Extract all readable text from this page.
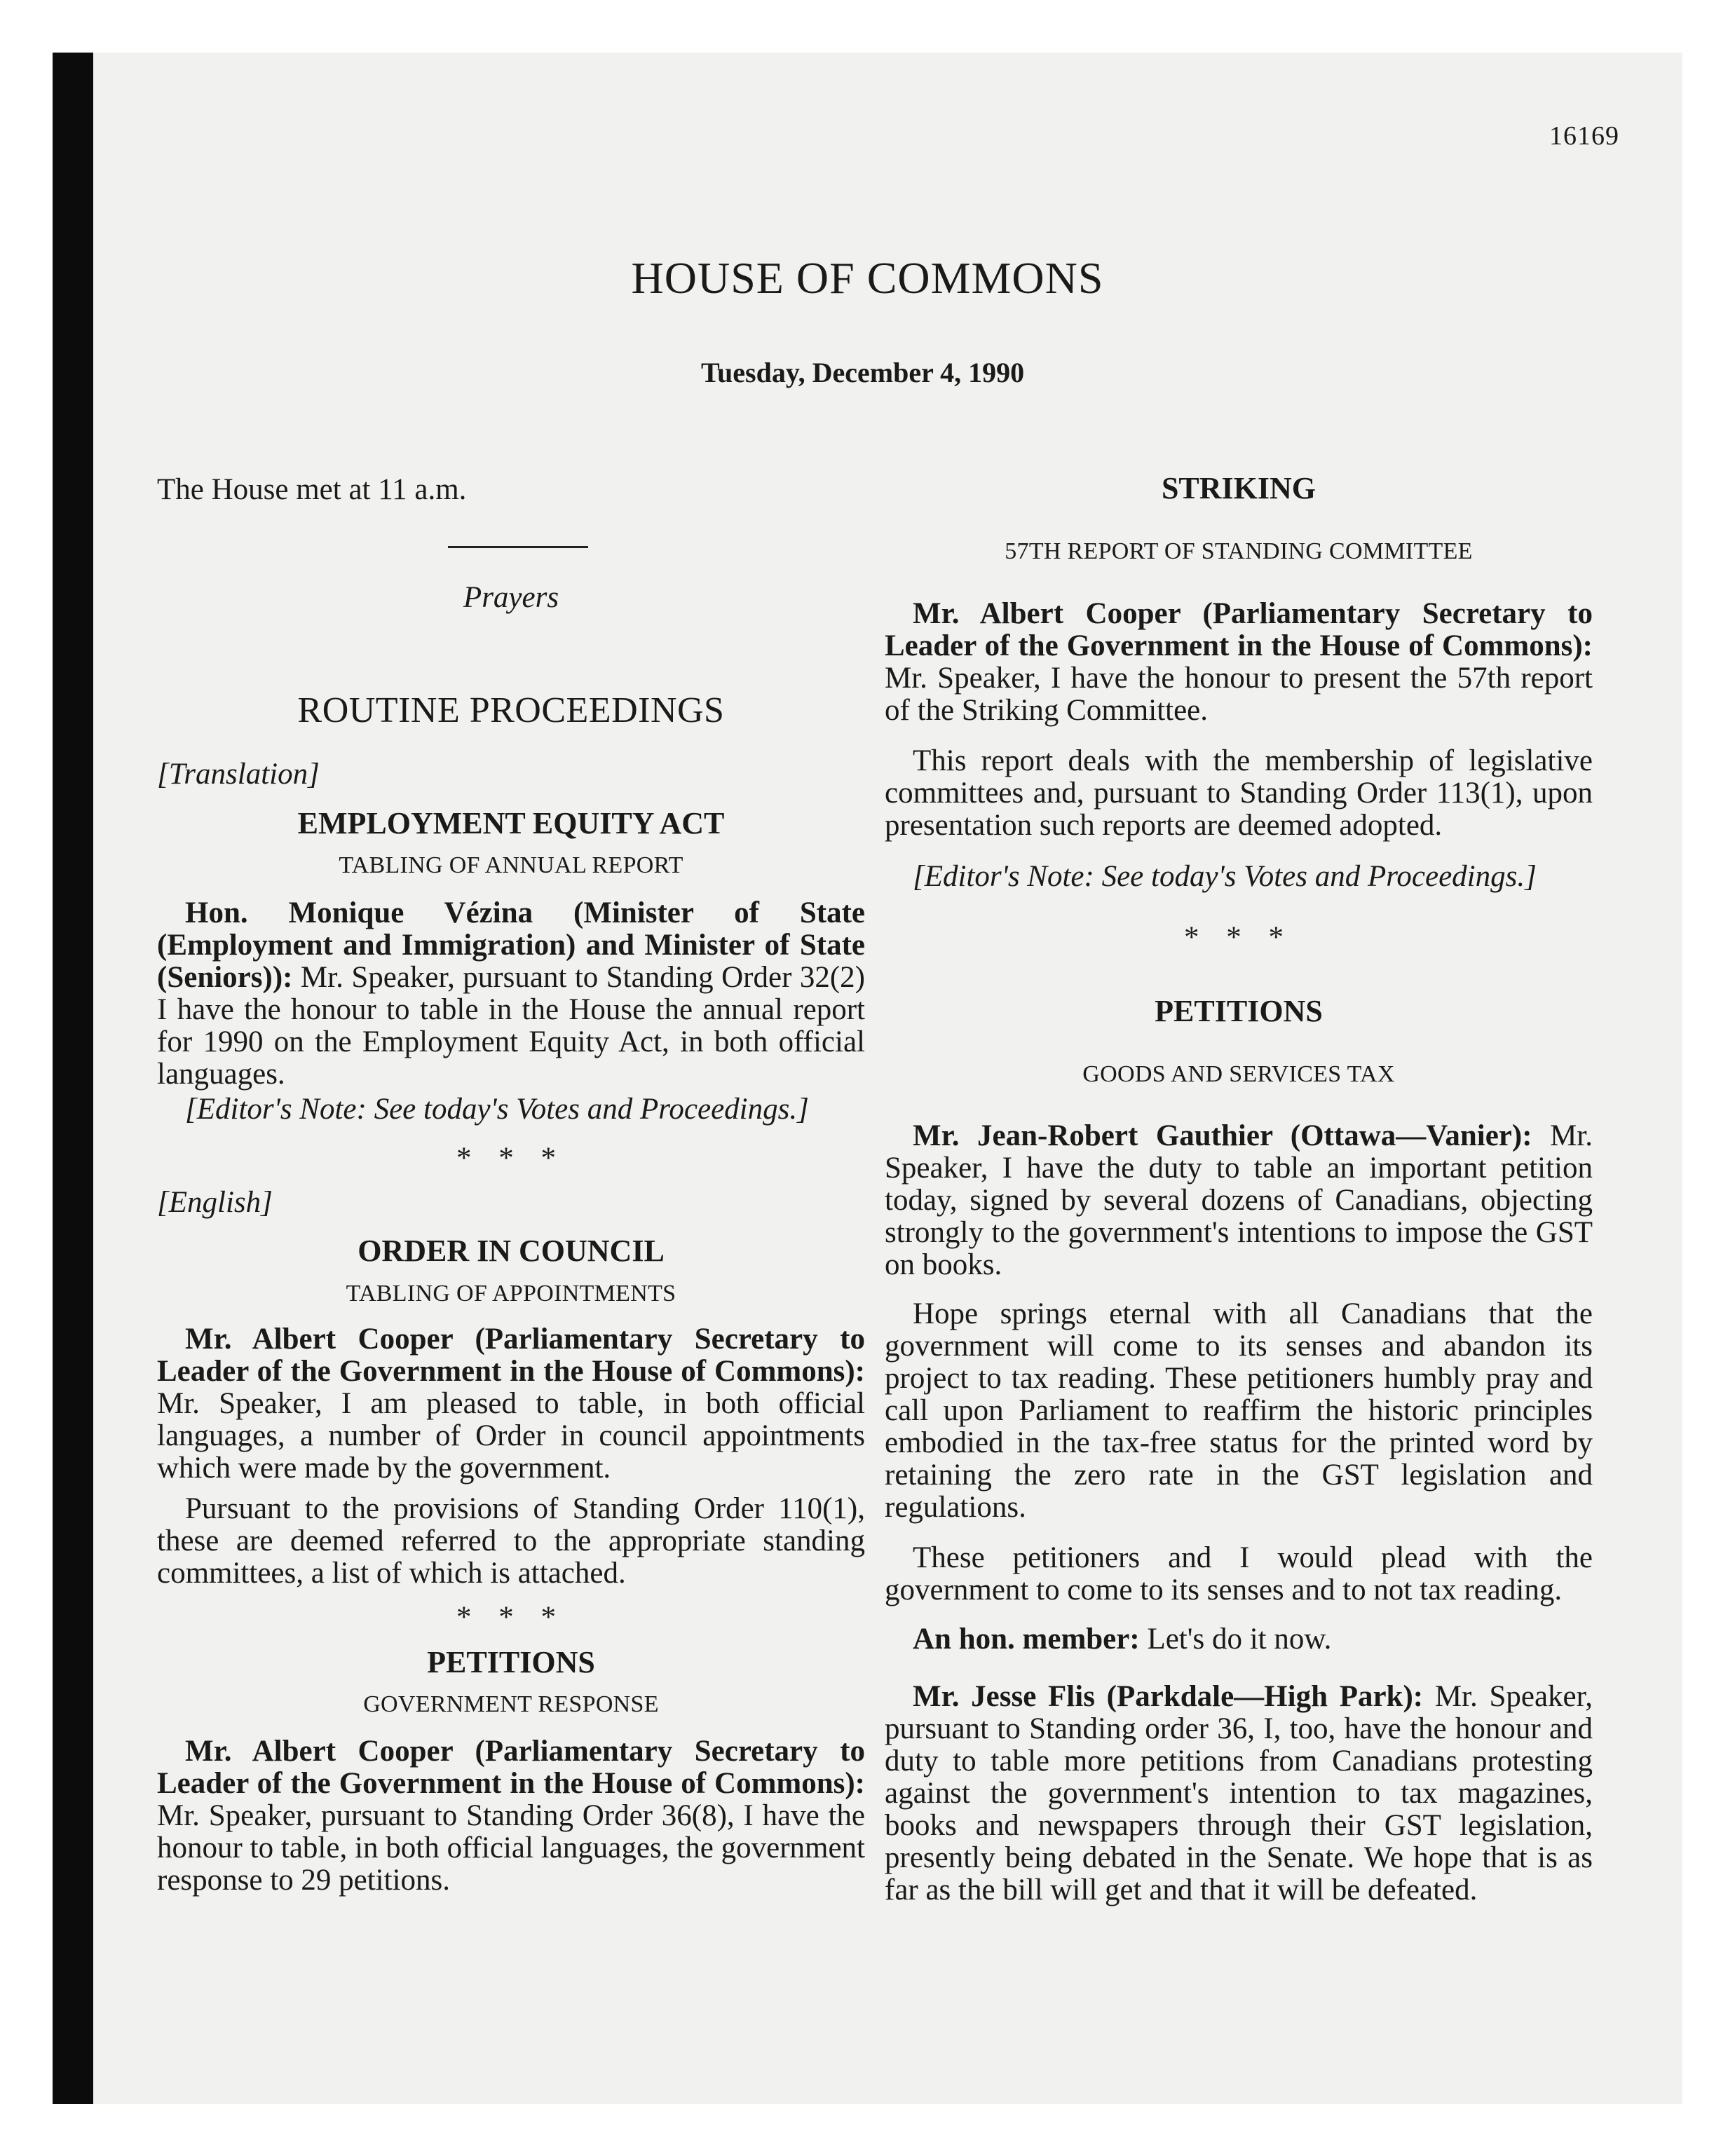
16169
HOUSE OF COMMONS
Tuesday, December 4, 1990
The House met at 11 a.m.
Prayers
ROUTINE PROCEEDINGS
[Translation]
EMPLOYMENT EQUITY ACT
TABLING OF ANNUAL REPORT

Hon. Monique Vézina (Minister of State (Employment and Immigration) and Minister of State (Seniors)): Mr. Speaker, pursuant to Standing Order 32(2) I have the honour to table in the House the annual report for 1990 on the Employment Equity Act, in both official languages.

[Editor's Note: See today's Votes and Proceedings.]
* * *
[English]
ORDER IN COUNCIL
TABLING OF APPOINTMENTS

Mr. Albert Cooper (Parliamentary Secretary to Leader of the Government in the House of Commons): Mr. Speaker, I am pleased to table, in both official languages, a number of Order in council appointments which were made by the government.

Pursuant to the provisions of Standing Order 110(1), these are deemed referred to the appropriate standing committees, a list of which is attached.

* * *
PETITIONS
GOVERNMENT RESPONSE

Mr. Albert Cooper (Parliamentary Secretary to Leader of the Government in the House of Commons): Mr. Speaker, pursuant to Standing Order 36(8), I have the honour to table, in both official languages, the government response to 29 petitions.

STRIKING
57TH REPORT OF STANDING COMMITTEE

Mr. Albert Cooper (Parliamentary Secretary to Leader of the Government in the House of Commons): Mr. Speaker, I have the honour to present the 57th report of the Striking Committee.

This report deals with the membership of legislative committees and, pursuant to Standing Order 113(1), upon presentation such reports are deemed adopted.

[Editor's Note: See today's Votes and Proceedings.]
* * *
PETITIONS
GOODS AND SERVICES TAX

Mr. Jean-Robert Gauthier (Ottawa—Vanier): Mr. Speaker, I have the duty to table an important petition today, signed by several dozens of Canadians, objecting strongly to the government's intentions to impose the GST on books.

Hope springs eternal with all Canadians that the government will come to its senses and abandon its project to tax reading. These petitioners humbly pray and call upon Parliament to reaffirm the historic principles embodied in the tax-free status for the printed word by retaining the zero rate in the GST legislation and regulations.

These petitioners and I would plead with the government to come to its senses and to not tax reading.

An hon. member: Let's do it now.

Mr. Jesse Flis (Parkdale—High Park): Mr. Speaker, pursuant to Standing order 36, I, too, have the honour and duty to table more petitions from Canadians protesting against the government's intention to tax magazines, books and newspapers through their GST legislation, presently being debated in the Senate. We hope that is as far as the bill will get and that it will be defeated.
